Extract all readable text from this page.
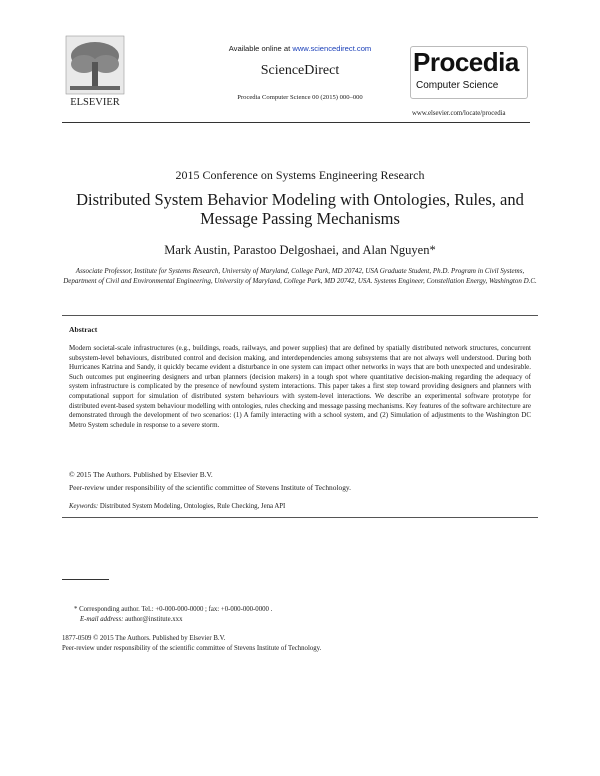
ELSEVIER
Available online at www.sciencedirect.com
ScienceDirect
Procedia Computer Science 00 (2015) 000–000
Procedia
Computer Science
www.elsevier.com/locate/procedia
2015 Conference on Systems Engineering Research
Distributed System Behavior Modeling with Ontologies, Rules, and Message Passing Mechanisms
Mark Austin, Parastoo Delgoshaei, and Alan Nguyen*
Associate Professor, Institute for Systems Research, University of Maryland, College Park, MD 20742, USA Graduate Student, Ph.D. Program in Civil Systems, Department of Civil and Environmental Engineering, University of Maryland, College Park, MD 20742, USA. Systems Engineer, Constellation Energy, Washington D.C.
Abstract
Modern societal-scale infrastructures (e.g., buildings, roads, railways, and power supplies) that are defined by spatially distributed network structures, concurrent subsystem-level behaviours, distributed control and decision making, and interdependencies among subsystems that are not always well understood. During both Hurricanes Katrina and Sandy, it quickly became evident a disturbance in one system can impact other networks in ways that are both unexpected and undesirable. Such outcomes put engineering designers and urban planners (decision makers) in a tough spot where quantitative decision-making regarding the adequacy of system infrastructure is complicated by the presence of newfound system interactions. This paper takes a first step toward providing designers and planners with computational support for simulation of distributed system behaviours with system-level interactions. We describe an experimental software prototype for distributed event-based system behaviour modelling with ontologies, rules checking and message passing mechanisms. Key features of the software architecture are demonstrated through the development of two scenarios: (1) A family interacting with a school system, and (2) Simulation of adjustments to the Washington DC Metro System schedule in response to a severe storm.
© 2015 The Authors. Published by Elsevier B.V.
Peer-review under responsibility of the scientific committee of Stevens Institute of Technology.
Keywords: Distributed System Modeling, Ontologies, Rule Checking, Jena API
* Corresponding author. Tel.: +0-000-000-0000 ; fax: +0-000-000-0000 .
E-mail address: author@institute.xxx
1877-0509 © 2015 The Authors. Published by Elsevier B.V.
Peer-review under responsibility of the scientific committee of Stevens Institute of Technology.
